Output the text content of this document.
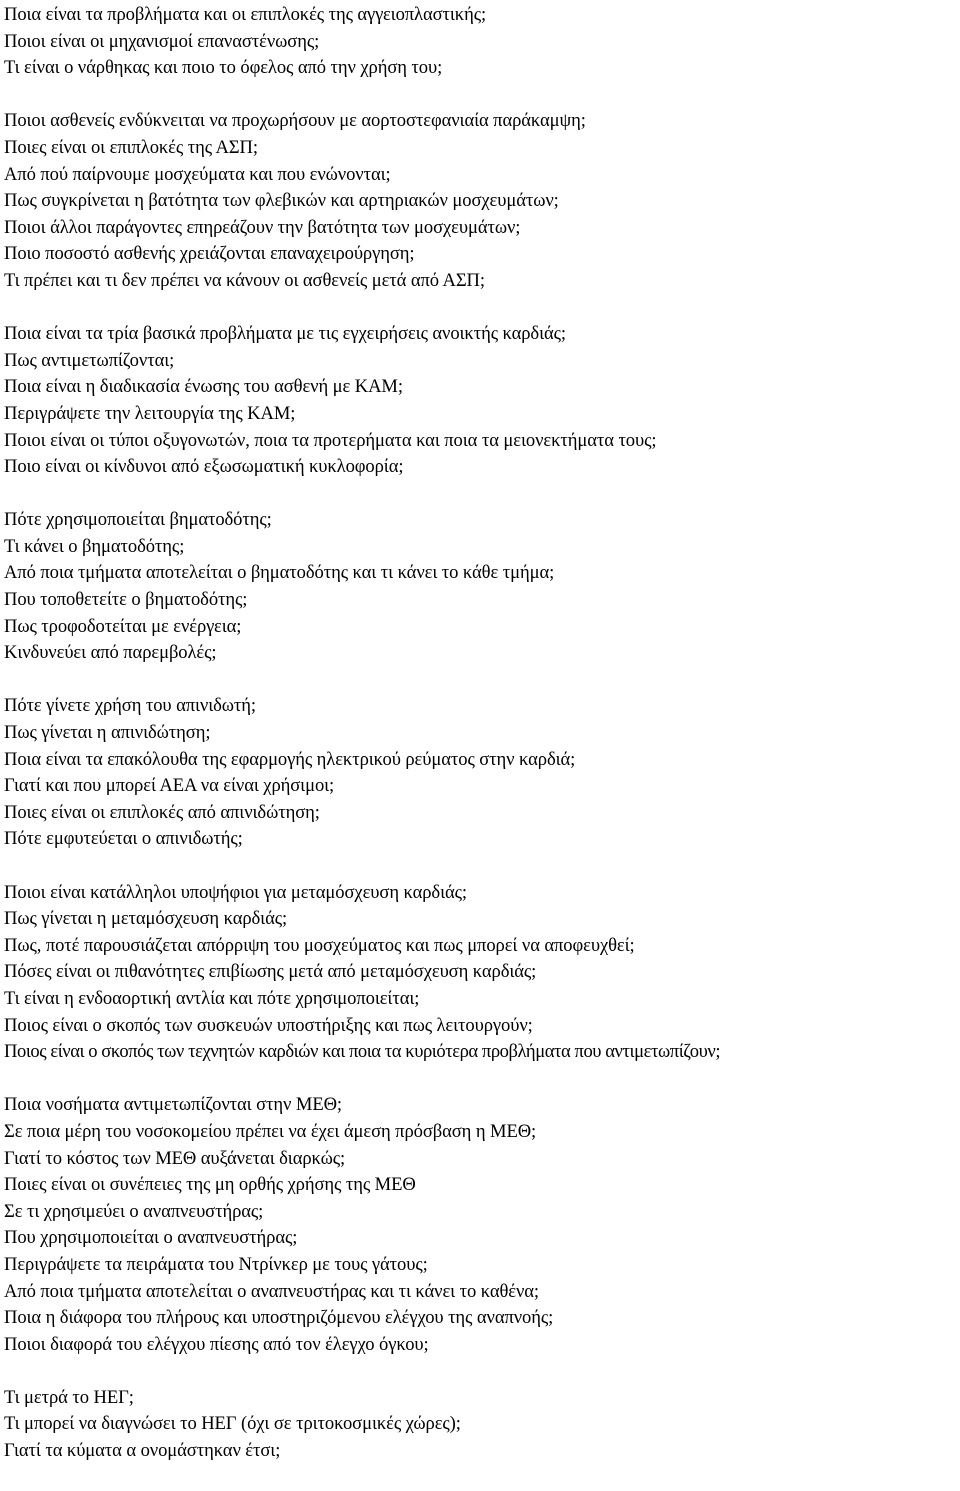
Ποια είναι τα προβλήματα και οι επιπλοκές της αγγειοπλαστικής;
Ποιοι είναι οι μηχανισμοί επαναστένωσης;
Τι είναι ο νάρθηκας και ποιο το όφελος από την χρήση του;
Ποιοι ασθενείς ενδύκνειται να προχωρήσουν με αορτοστεφανιαία παράκαμψη;
Ποιες είναι οι επιπλοκές της ΑΣΠ;
Από πού παίρνουμε μοσχεύματα και που ενώνονται;
Πως συγκρίνεται η βατότητα των φλεβικών και αρτηριακών μοσχευμάτων;
Ποιοι άλλοι παράγοντες επηρεάζουν την βατότητα των μοσχευμάτων;
Ποιο ποσοστό ασθενής χρειάζονται επαναχειρούργηση;
Τι πρέπει και τι δεν πρέπει να κάνουν οι ασθενείς μετά από ΑΣΠ;
Ποια είναι τα τρία βασικά προβλήματα με τις εγχειρήσεις ανοικτής καρδιάς;
Πως αντιμετωπίζονται;
Ποια είναι η διαδικασία ένωσης του ασθενή με ΚΑΜ;
Περιγράψετε την λειτουργία της ΚΑΜ;
Ποιοι είναι οι τύποι οξυγονωτών, ποια τα προτερήματα και ποια τα μειονεκτήματα τους;
Ποιο είναι οι κίνδυνοι από εξωσωματική κυκλοφορία;
Πότε χρησιμοποιείται βηματοδότης;
Τι κάνει ο βηματοδότης;
Από ποια τμήματα αποτελείται ο βηματοδότης και τι κάνει το κάθε τμήμα;
Που τοποθετείτε ο βηματοδότης;
Πως τροφοδοτείται με ενέργεια;
Κινδυνεύει από παρεμβολές;
Πότε γίνετε χρήση του απινιδωτή;
Πως γίνεται η απινιδώτηση;
Ποια είναι τα επακόλουθα της εφαρμογής ηλεκτρικού ρεύματος στην καρδιά;
Γιατί και που μπορεί ΑΕΑ να είναι χρήσιμοι;
Ποιες είναι οι επιπλοκές από απινιδώτηση;
Πότε εμφυτεύεται ο απινιδωτής;
Ποιοι είναι κατάλληλοι υποψήφιοι για μεταμόσχευση καρδιάς;
Πως γίνεται η μεταμόσχευση καρδιάς;
Πως, ποτέ παρουσιάζεται απόρριψη του μοσχεύματος και πως μπορεί να αποφευχθεί;
Πόσες είναι οι πιθανότητες επιβίωσης μετά από μεταμόσχευση καρδιάς;
Τι είναι η ενδοαορτική αντλία και πότε χρησιμοποιείται;
Ποιος είναι ο σκοπός των συσκευών υποστήριξης και πως λειτουργούν;
Ποιος είναι ο σκοπός των τεχνητών καρδιών και ποια τα κυριότερα προβλήματα που αντιμετωπίζουν;
Ποια νοσήματα αντιμετωπίζονται στην ΜΕΘ;
Σε ποια μέρη του νοσοκομείου πρέπει να έχει άμεση πρόσβαση η ΜΕΘ;
Γιατί το κόστος των ΜΕΘ αυξάνεται διαρκώς;
Ποιες είναι οι συνέπειες της μη ορθής χρήσης της ΜΕΘ
Σε τι χρησιμεύει ο αναπνευστήρας;
Που χρησιμοποιείται ο αναπνευστήρας;
Περιγράψετε τα πειράματα του Ντρίνκερ με τους γάτους;
Από ποια τμήματα αποτελείται ο αναπνευστήρας και τι κάνει το καθένα;
Ποια η διάφορα του πλήρους και υποστηριζόμενου ελέγχου της αναπνοής;
Ποιοι διαφορά του ελέγχου πίεσης από τον έλεγχο όγκου;
Τι μετρά το ΗΕΓ;
Τι μπορεί να διαγνώσει το ΗΕΓ (όχι σε τριτοκοσμικές χώρες);
Γιατί τα κύματα α ονομάστηκαν έτσι;
